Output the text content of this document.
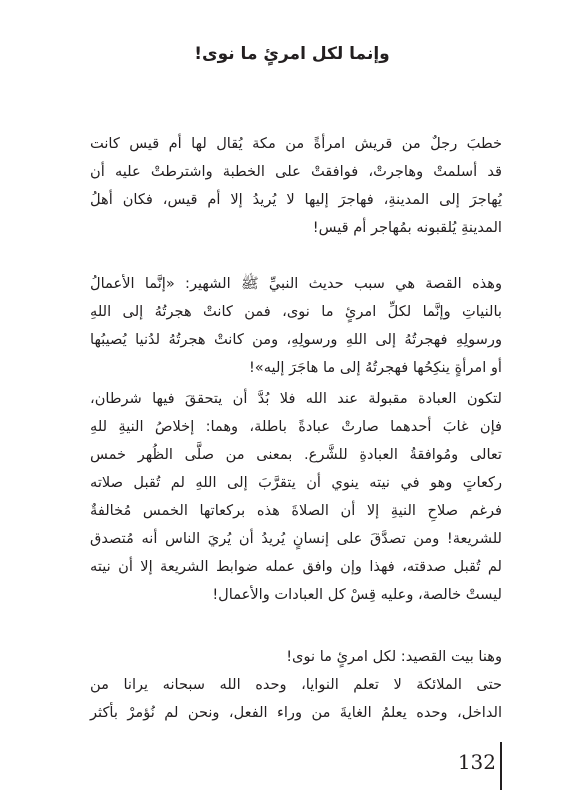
وإنما لكل امرئٍ ما نوى!
خطبَ رجلٌ من قريش امرأةً من مكة يُقال لها أم قيس كانت
قد أسلمتْ وهاجرتْ، فوافقتْ على الخطبة واشترطتْ عليه أن
يُهاجرَ إلى المدينةِ، فهاجرَ إليها لا يُريدُ إلا أم قيس، فكان أهلُ
المدينةِ يُلقبونه بمُهاجر أم قيس!
وهذه القصة هي سبب حديث النبيِّ ﷺ الشهير: «إنَّما الأعمالُ
بالنياتِ وإنَّما لكلِّ امرئٍ ما نوى، فمن كانتْ هجرتُهُ إلى اللهِ
ورسولِهِ فهجرتُهُ إلى اللهِ ورسولِهِ، ومن كانتْ هجرتُهُ لدُنيا يُصيبُها
أو امرأةٍ ينكِحُها فهجرتُهُ إلى ما هاجَرَ إليه»!
لتكون العبادة مقبولة عند الله فلا بُدَّ أن يتحققَ فيها شرطان،
فإن غابَ أحدهما صارتْ عبادةً باطلة، وهما: إخلاصُ النيةِ للهِ
تعالى ومُوافقةُ العبادةِ للشَّرع. بمعنى من صلَّى الظُهر خمس
ركعاتٍ وهو في نيته ينوي أن يتقرَّبَ إلى اللهِ لم تُقبل صلاته
فرغم صلاحِ النيةِ إلا أن الصلاةَ هذه بركعاتها الخمس مُخالفةٌ
للشريعة! ومن تصدَّقَ على إنسانٍ يُريدُ أن يُريَ الناس أنه مُتصدق
لم تُقبل صدقته، فهذا وإن وافق عمله ضوابط الشريعة إلا أن نيته
ليستْ خالصة، وعليه قِسْ كل العبادات والأعمال!
وهنا بيت القصيد: لكل امرئٍ ما نوى!
حتى الملائكة لا تعلم النوايا، وحده الله سبحانه يرانا من
الداخل، وحده يعلمُ الغايةَ من وراء الفعل، ونحن لم نُؤمرْ بأكثر
132
